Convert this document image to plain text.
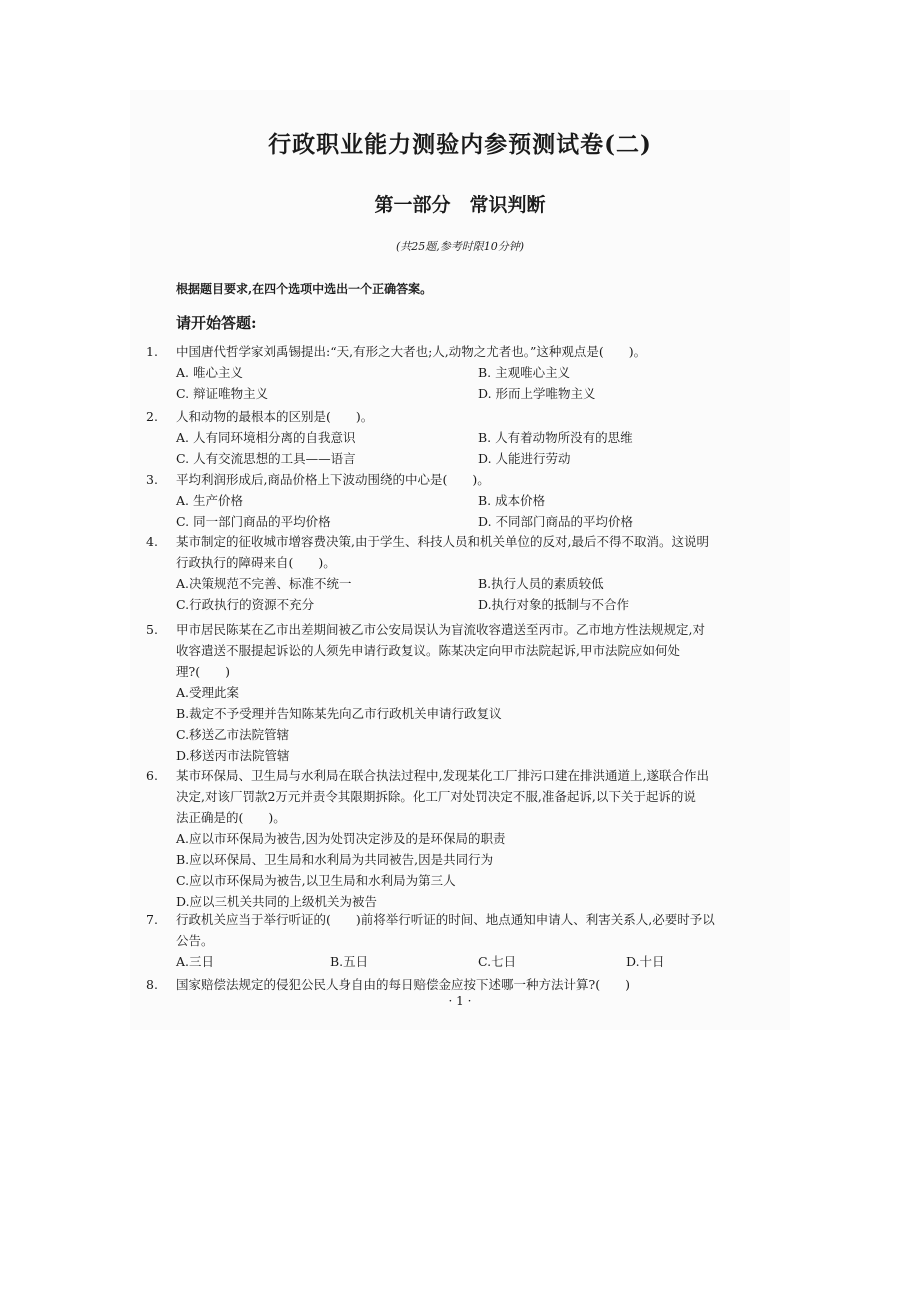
行政职业能力测验内参预测试卷(二)
第一部分　常识判断
(共25题,参考时限10分钟)
根据题目要求,在四个选项中选出一个正确答案。
请开始答题:
1. 中国唐代哲学家刘禹锡提出:“天,有形之大者也;人,动物之尤者也。”这种观点是(　　)。
A. 唯心主义	B. 主观唯心主义
C. 辩证唯物主义	D. 形而上学唯物主义
2. 人和动物的最根本的区别是(　　)。
A. 人有同环境相分离的自我意识	B. 人有着动物所没有的思维
C. 人有交流思想的工具——语言	D. 人能进行劳动
3. 平均利润形成后,商品价格上下波动围绕的中心是(　　)。
A. 生产价格	B. 成本价格
C. 同一部门商品的平均价格	D. 不同部门商品的平均价格
4. 某市制定的征收城市增容费决策,由于学生、科技人员和机关单位的反对,最后不得不取消。这说明
行政执行的障碍来自(　　)。
A.决策规范不完善、标准不统一	B.执行人员的素质较低
C.行政执行的资源不充分	D.执行对象的抵制与不合作
5. 甲市居民陈某在乙市出差期间被乙市公安局误认为盲流收容遣送至丙市。乙市地方性法规规定,对
收容遣送不服提起诉讼的人须先申请行政复议。陈某决定向甲市法院起诉,甲市法院应如何处
理?(　　)
A.受理此案
B.裁定不予受理并告知陈某先向乙市行政机关申请行政复议
C.移送乙市法院管辖
D.移送丙市法院管辖
6. 某市环保局、卫生局与水利局在联合执法过程中,发现某化工厂排污口建在排洪通道上,遂联合作出
决定,对该厂罚款2万元并责令其限期拆除。化工厂对处罚决定不服,准备起诉,以下关于起诉的说
法正确是的(　　)。
A.应以市环保局为被告,因为处罚决定涉及的是环保局的职责
B.应以环保局、卫生局和水利局为共同被告,因是共同行为
C.应以市环保局为被告,以卫生局和水利局为第三人
D.应以三机关共同的上级机关为被告
7. 行政机关应当于举行听证的(　　)前将举行听证的时间、地点通知申请人、利害关系人,必要时予以
公告。
A.三日	B.五日	C.七日	D.十日
8. 国家赔偿法规定的侵犯公民人身自由的每日赔偿金应按下述哪一种方法计算?(　　)
· 1 ·
